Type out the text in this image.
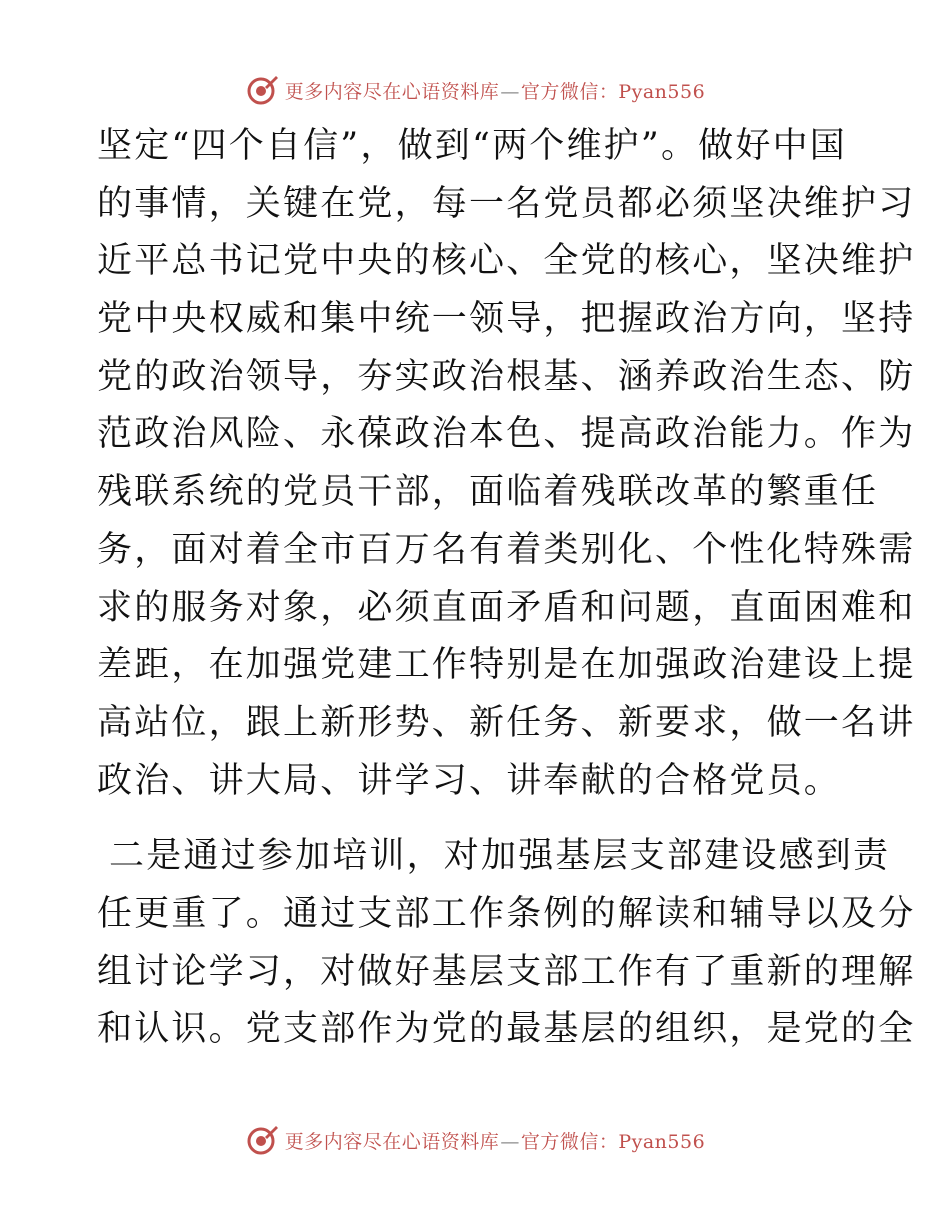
更多内容尽在心语资料库—官方微信：Pyan556
坚定“四个自信”，做到“两个维护”。做好中国
的事情，关键在党，每一名党员都必须坚决维护习
近平总书记党中央的核心、全党的核心，坚决维护
党中央权威和集中统一领导，把握政治方向，坚持
党的政治领导，夯实政治根基、涵养政治生态、防
范政治风险、永葆政治本色、提高政治能力。作为
残联系统的党员干部，面临着残联改革的繁重任
务，面对着全市百万名有着类别化、个性化特殊需
求的服务对象，必须直面矛盾和问题，直面困难和
差距，在加强党建工作特别是在加强政治建设上提
高站位，跟上新形势、新任务、新要求，做一名讲
政治、讲大局、讲学习、讲奉献的合格党员。
二是通过参加培训，对加强基层支部建设感到责
任更重了。通过支部工作条例的解读和辅导以及分
组讨论学习，对做好基层支部工作有了重新的理解
和认识。党支部作为党的最基层的组织，是党的全
更多内容尽在心语资料库—官方微信：Pyan556
